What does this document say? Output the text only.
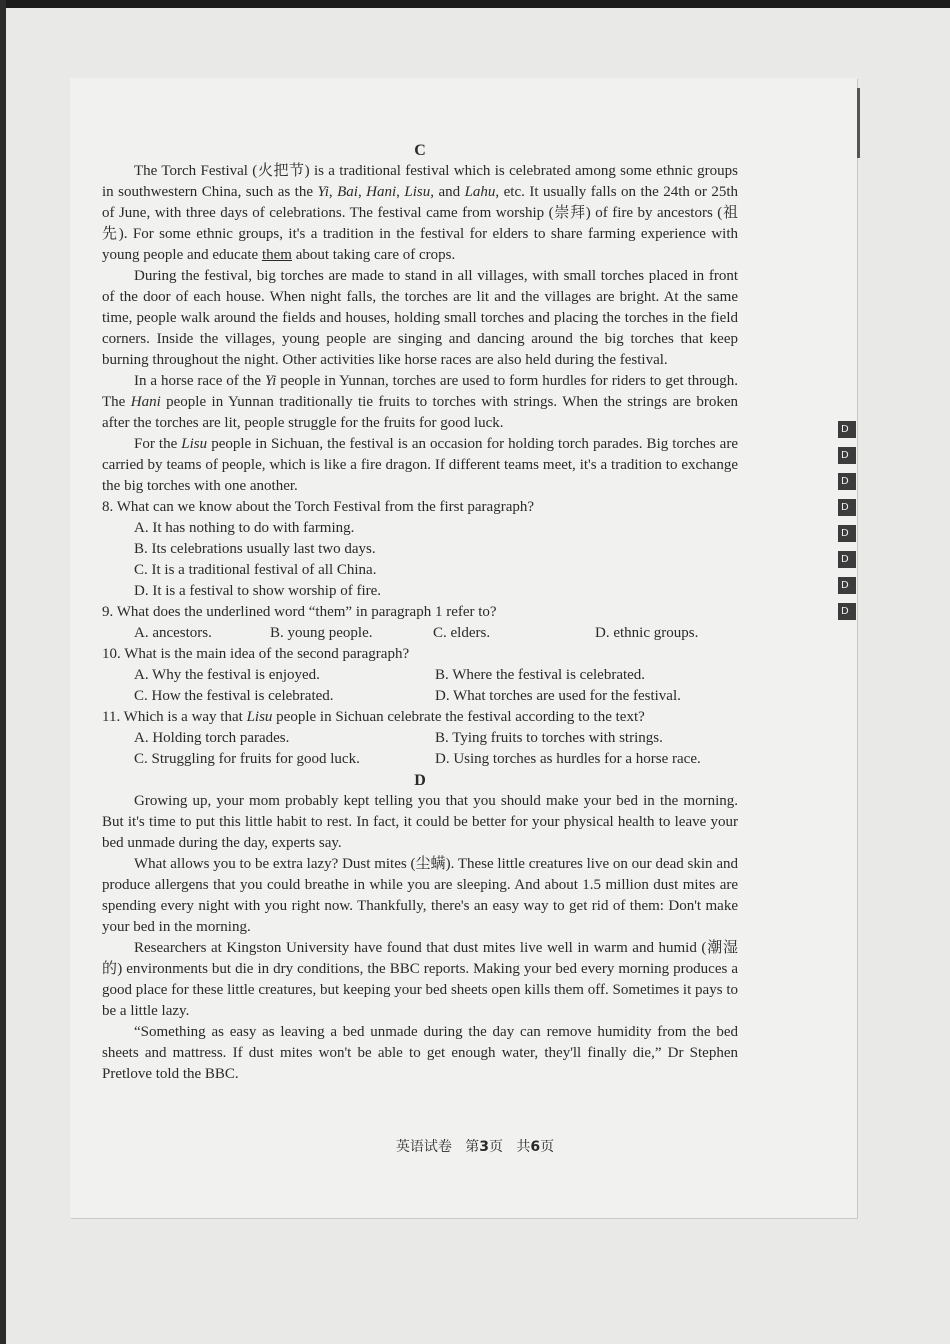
C

The Torch Festival (火把节) is a traditional festival which is celebrated among some ethnic groups in southwestern China, such as the Yi, Bai, Hani, Lisu, and Lahu, etc. It usually falls on the 24th or 25th of June, with three days of celebrations. The festival came from worship (崇拜) of fire by ancestors (祖先). For some ethnic groups, it's a tradition in the festival for elders to share farming experience with young people and educate them about taking care of crops.

During the festival, big torches are made to stand in all villages, with small torches placed in front of the door of each house. When night falls, the torches are lit and the villages are bright. At the same time, people walk around the fields and houses, holding small torches and placing the torches in the field corners. Inside the villages, young people are singing and dancing around the big torches that keep burning throughout the night. Other activities like horse races are also held during the festival.

In a horse race of the Yi people in Yunnan, torches are used to form hurdles for riders to get through. The Hani people in Yunnan traditionally tie fruits to torches with strings. When the strings are broken after the torches are lit, people struggle for the fruits for good luck.

For the Lisu people in Sichuan, the festival is an occasion for holding torch parades. Big torches are carried by teams of people, which is like a fire dragon. If different teams meet, it's a tradition to exchange the big torches with one another.

8. What can we know about the Torch Festival from the first paragraph?

A. It has nothing to do with farming.
B. Its celebrations usually last two days.
C. It is a traditional festival of all China.
D. It is a festival to show worship of fire.

9. What does the underlined word “them” in paragraph 1 refer to?

A. ancestors.	B. young people.	C. elders.	D. ethnic groups.

10. What is the main idea of the second paragraph?

A. Why the festival is enjoyed.	B. Where the festival is celebrated.
C. How the festival is celebrated.	D. What torches are used for the festival.

11. Which is a way that Lisu people in Sichuan celebrate the festival according to the text?

A. Holding torch parades.	B. Tying fruits to torches with strings.
C. Struggling for fruits for good luck.	D. Using torches as hurdles for a horse race.
D

Growing up, your mom probably kept telling you that you should make your bed in the morning. But it's time to put this little habit to rest. In fact, it could be better for your physical health to leave your bed unmade during the day, experts say.

What allows you to be extra lazy? Dust mites (尘螨). These little creatures live on our dead skin and produce allergens that you could breathe in while you are sleeping. And about 1.5 million dust mites are spending every night with you right now. Thankfully, there's an easy way to get rid of them: Don't make your bed in the morning.

Researchers at Kingston University have found that dust mites live well in warm and humid (潮湿的) environments but die in dry conditions, the BBC reports. Making your bed every morning produces a good place for these little creatures, but keeping your bed sheets open kills them off. Sometimes it pays to be a little lazy.

“Something as easy as leaving a bed unmade during the day can remove humidity from the bed sheets and mattress. If dust mites won't be able to get enough water, they'll finally die,” Dr Stephen Pretlove told the BBC.

英语试卷 第3页 共6页
D
D
D
D
D
D
D
D
